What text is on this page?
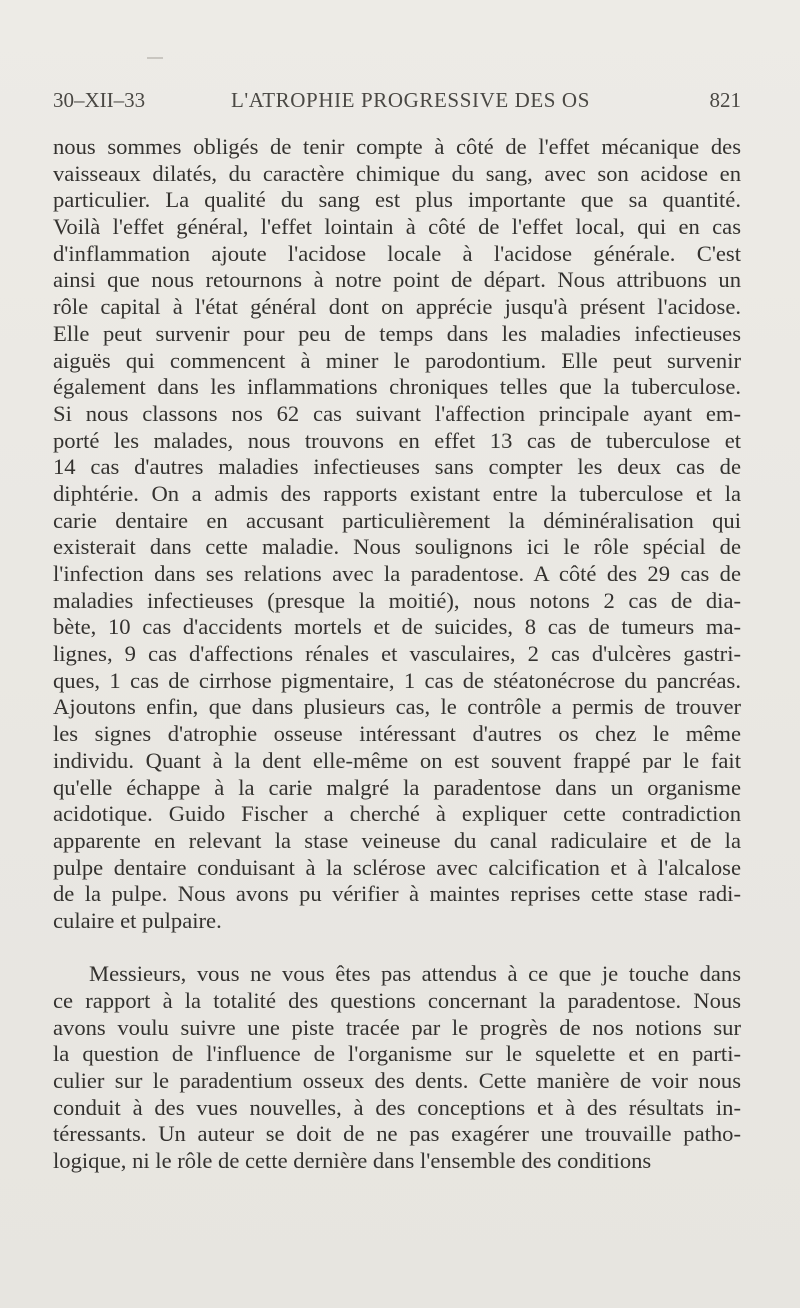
30–XII–33	L'ATROPHIE PROGRESSIVE DES OS	821
nous sommes obligés de tenir compte à côté de l'effet mécanique des
vaisseaux dilatés, du caractère chimique du sang, avec son acidose en
particulier. La qualité du sang est plus importante que sa quantité.
Voilà l'effet général, l'effet lointain à côté de l'effet local, qui en cas
d'inflammation ajoute l'acidose locale à l'acidose générale. C'est
ainsi que nous retournons à notre point de départ. Nous attribuons un
rôle capital à l'état général dont on apprécie jusqu'à présent l'acidose.
Elle peut survenir pour peu de temps dans les maladies infectieuses
aiguës qui commencent à miner le parodontium. Elle peut survenir
également dans les inflammations chroniques telles que la tuberculose.
Si nous classons nos 62 cas suivant l'affection principale ayant em-
porté les malades, nous trouvons en effet 13 cas de tuberculose et
14 cas d'autres maladies infectieuses sans compter les deux cas de
diphtérie. On a admis des rapports existant entre la tuberculose et la
carie dentaire en accusant particulièrement la déminéralisation qui
existerait dans cette maladie. Nous soulignons ici le rôle spécial de
l'infection dans ses relations avec la paradentose. A côté des 29 cas de
maladies infectieuses (presque la moitié), nous notons 2 cas de dia-
bète, 10 cas d'accidents mortels et de suicides, 8 cas de tumeurs ma-
lignes, 9 cas d'affections rénales et vasculaires, 2 cas d'ulcères gastri-
ques, 1 cas de cirrhose pigmentaire, 1 cas de stéatonécrose du pancréas.
Ajoutons enfin, que dans plusieurs cas, le contrôle a permis de trouver
les signes d'atrophie osseuse intéressant d'autres os chez le même
individu. Quant à la dent elle-même on est souvent frappé par le fait
qu'elle échappe à la carie malgré la paradentose dans un organisme
acidotique. Guido Fischer a cherché à expliquer cette contradiction
apparente en relevant la stase veineuse du canal radiculaire et de la
pulpe dentaire conduisant à la sclérose avec calcification et à l'alcalose
de la pulpe. Nous avons pu vérifier à maintes reprises cette stase radi-
culaire et pulpaire.
Messieurs, vous ne vous êtes pas attendus à ce que je touche dans
ce rapport à la totalité des questions concernant la paradentose. Nous
avons voulu suivre une piste tracée par le progrès de nos notions sur
la question de l'influence de l'organisme sur le squelette et en parti-
culier sur le paradentium osseux des dents. Cette manière de voir nous
conduit à des vues nouvelles, à des conceptions et à des résultats in-
téressants. Un auteur se doit de ne pas exagérer une trouvaille patho-
logique, ni le rôle de cette dernière dans l'ensemble des conditions
